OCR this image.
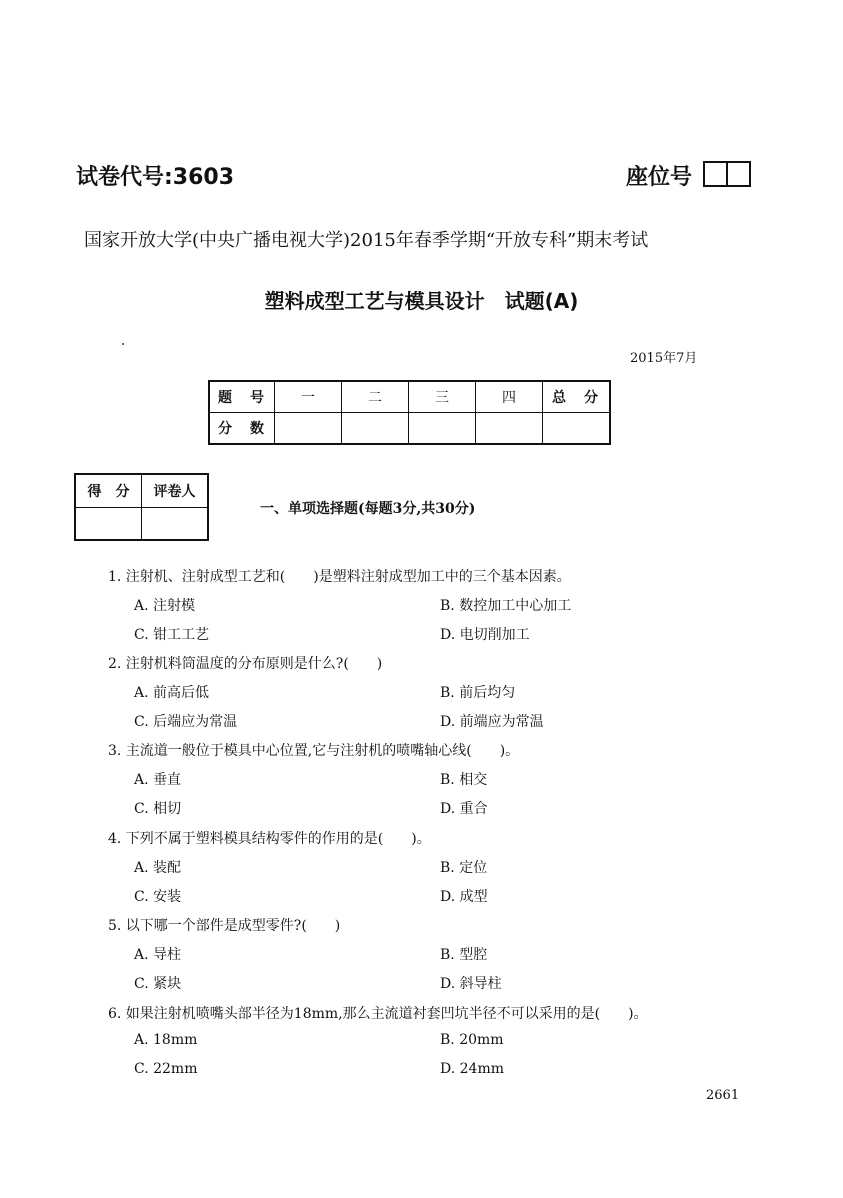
试卷代号:3603	座位号
国家开放大学(中央广播电视大学)2015年春季学期“开放专科”期末考试
塑料成型工艺与模具设计　试题(A)
2015年7月
题　号	一	二	三	四	总　分
分　数					
得　分	评卷人

一、单项选择题(每题3分,共30分)
1. 注射机、注射成型工艺和(　　)是塑料注射成型加工中的三个基本因素。
A. 注射模	B. 数控加工中心加工
C. 钳工工艺	D. 电切削加工
2. 注射机料筒温度的分布原则是什么?(　　)
A. 前高后低	B. 前后均匀
C. 后端应为常温	D. 前端应为常温
3. 主流道一般位于模具中心位置,它与注射机的喷嘴轴心线(　　)。
A. 垂直	B. 相交
C. 相切	D. 重合
4. 下列不属于塑料模具结构零件的作用的是(　　)。
A. 装配	B. 定位
C. 安装	D. 成型
5. 以下哪一个部件是成型零件?(　　)
A. 导柱	B. 型腔
C. 紧块	D. 斜导柱
6. 如果注射机喷嘴头部半径为18mm,那么主流道衬套凹坑半径不可以采用的是(　　)。
A. 18mm	B. 20mm
C. 22mm	D. 24mm
2661
